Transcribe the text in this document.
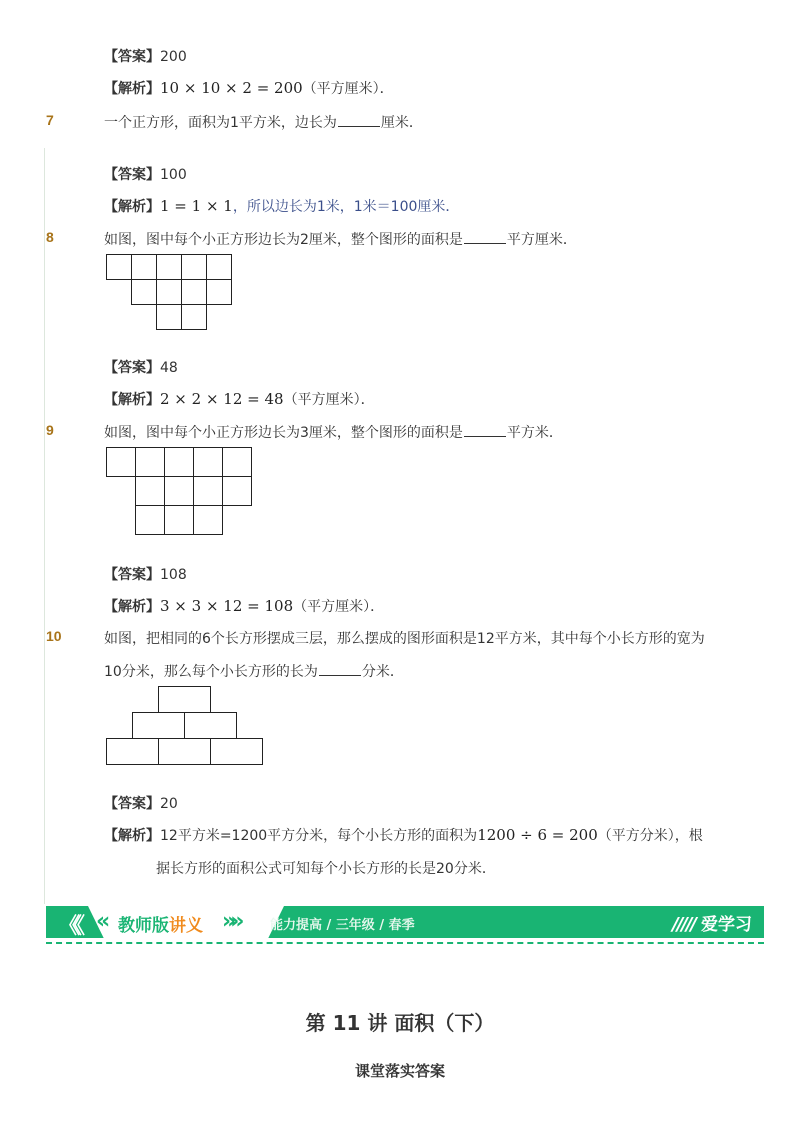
【答案】200
【解析】10 × 10 × 2 = 200（平方厘米）．
7	一个正方形，面积为1平方米，边长为	厘米．
【答案】100
【解析】1 = 1 × 1，所以边长为1米，1米＝100厘米．
8	如图，图中每个小正方形边长为2厘米，整个图形的面积是	平方厘米．
【答案】48
【解析】2 × 2 × 12 = 48（平方厘米）．
9	如图，图中每个小正方形边长为3厘米，整个图形的面积是	平方米．
【答案】108
【解析】3 × 3 × 12 = 108（平方厘米）．
10	如图，把相同的6个长方形摆成三层，那么摆成的图形面积是12平方米，其中每个小长方形的宽为
10分米，那么每个小长方形的长为	分米．
【答案】20
【解析】12平方米=1200平方分米，每个小长方形的面积为1200 ÷ 6 = 200（平方分米），根
据长方形的面积公式可知每个小长方形的长是20分米．
《《 « 教师版讲义 »» 能力提高 / 三年级 / 春季	///// 爱学习
第 11 讲 面积（下）
课堂落实答案
